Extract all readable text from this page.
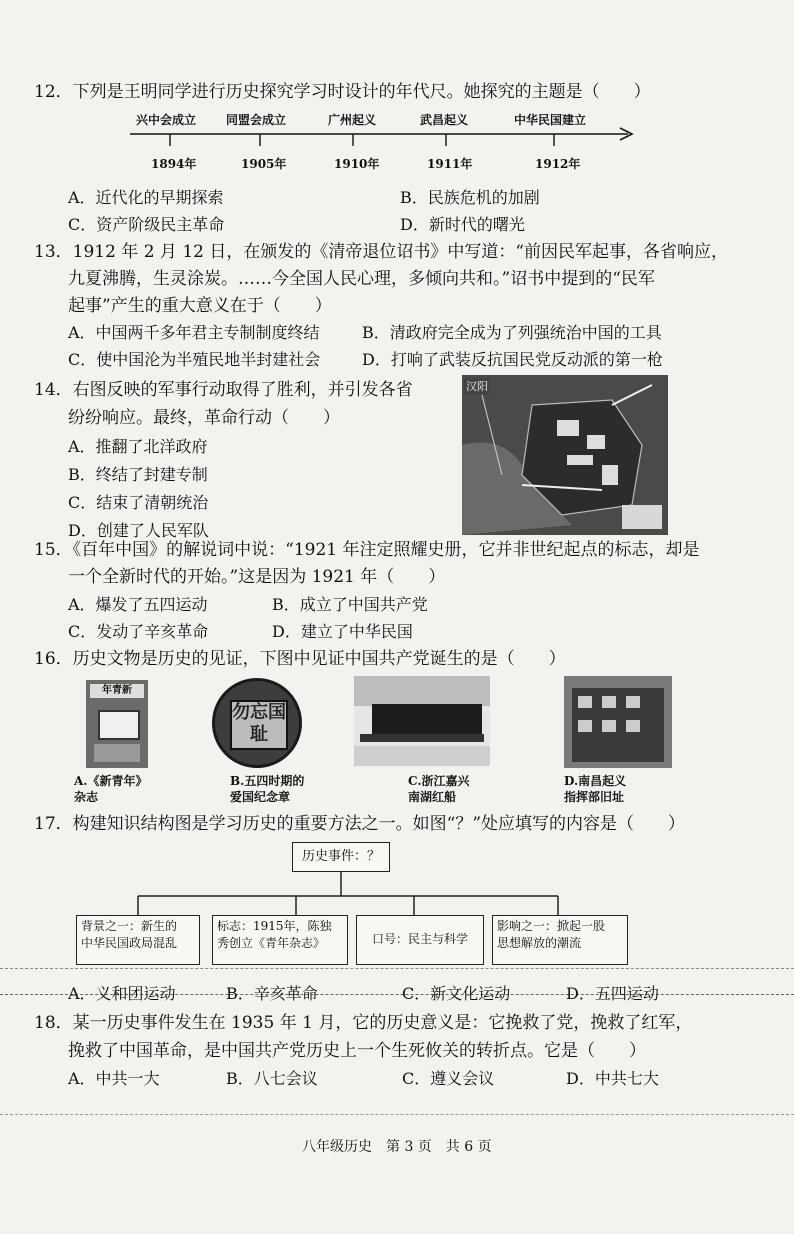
12．下列是王明同学进行历史探究学习时设计的年代尺。她探究的主题是（　　）
兴中会成立 同盟会成立	广州起义	武昌起义	中华民国建立
1894年	1905年	1910年	1911年	1912年
A．近代化的早期探索	B．民族危机的加剧
C．资产阶级民主革命	D．新时代的曙光
13．1912 年 2 月 12 日，在颁发的《清帝退位诏书》中写道：“前因民军起事，各省响应，
九夏沸腾，生灵涂炭。……今全国人民心理，多倾向共和。”诏书中提到的“民军
起事”产生的重大意义在于（　　）
A．中国两千多年君主专制制度终结	B．清政府完全成为了列强统治中国的工具
C．使中国沦为半殖民地半封建社会	D．打响了武装反抗国民党反动派的第一枪
14．右图反映的军事行动取得了胜利，并引发各省
纷纷响应。最终，革命行动（　　）
A．推翻了北洋政府
B．终结了封建专制
C．结束了清朝统治
D．创建了人民军队
汉阳
15．《百年中国》的解说词中说：“1921 年注定照耀史册，它并非世纪起点的标志，却是
一个全新时代的开始。”这是因为 1921 年（　　）
A．爆发了五四运动	B．成立了中国共产党
C．发动了辛亥革命	D．建立了中华民国
16．历史文物是历史的见证，下图中见证中国共产党诞生的是（　　）
年青新
勿忘国耻
A.《新青年》
杂志
B.五四时期的
爱国纪念章
C.浙江嘉兴
南湖红船
D.南昌起义
指挥部旧址
17．构建知识结构图是学习历史的重要方法之一。如图“？”处应填写的内容是（　　）
历史事件：？
背景之一：新生的
中华民国政局混乱
标志：1915年，陈独
秀创立《青年杂志》	口号：民主与科学
影响之一：掀起一股
思想解放的潮流
A．义和团运动	B．辛亥革命	C．新文化运动	D．五四运动
18．某一历史事件发生在 1935 年 1 月，它的历史意义是：它挽救了党，挽救了红军，
挽救了中国革命，是中国共产党历史上一个生死攸关的转折点。它是（　　）
A．中共一大	B．八七会议	C．遵义会议	D．中共七大
八年级历史　第 3 页　共 6 页
